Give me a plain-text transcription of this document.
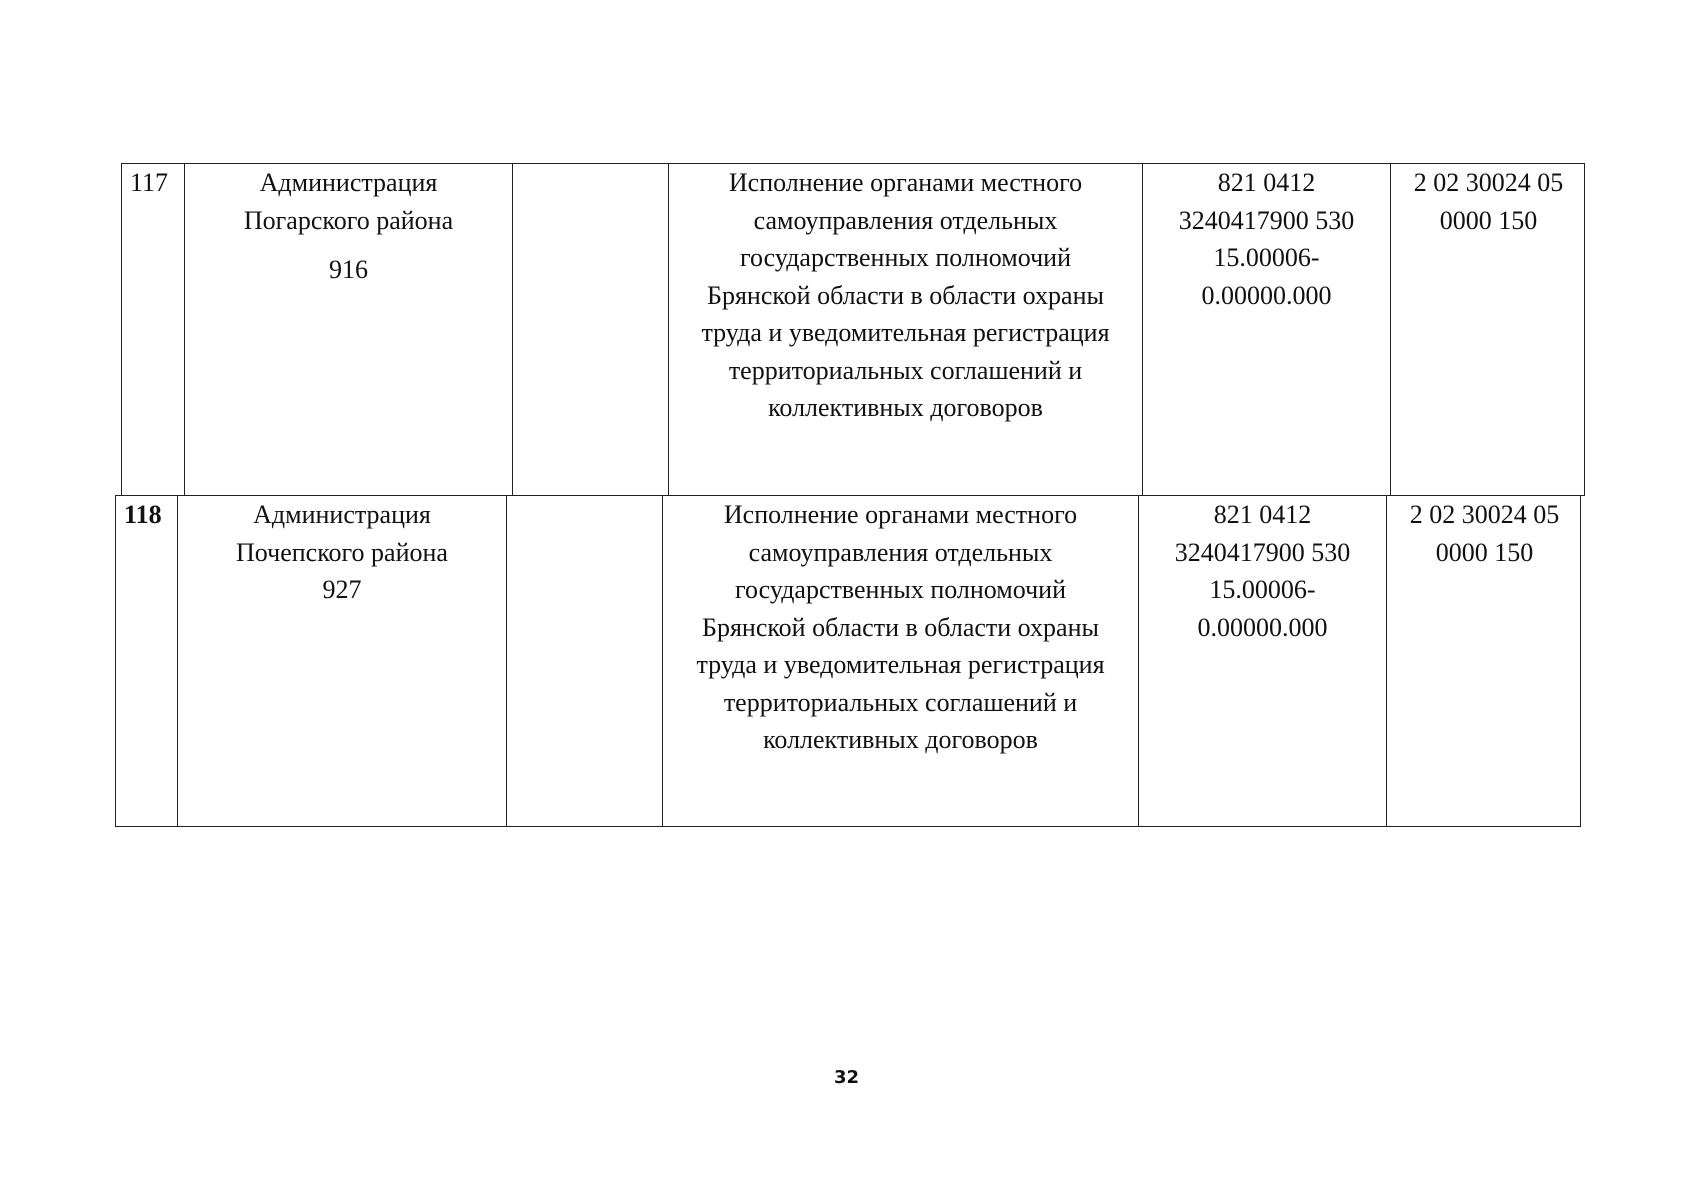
117	Администрация
Погарского района
916
Исполнение органами местного
самоуправления отдельных
государственных полномочий
Брянской области в области охраны
труда и уведомительная регистрация
территориальных соглашений и
коллективных договоров
821 0412
3240417900 530
15.00006-
0.00000.000
2 02 30024 05
0000 150
118	Администрация
Почепского района
927
Исполнение органами местного
самоуправления отдельных
государственных полномочий
Брянской области в области охраны
труда и уведомительная регистрация
территориальных соглашений и
коллективных договоров
821 0412
3240417900 530
15.00006-
0.00000.000
2 02 30024 05
0000 150
32
